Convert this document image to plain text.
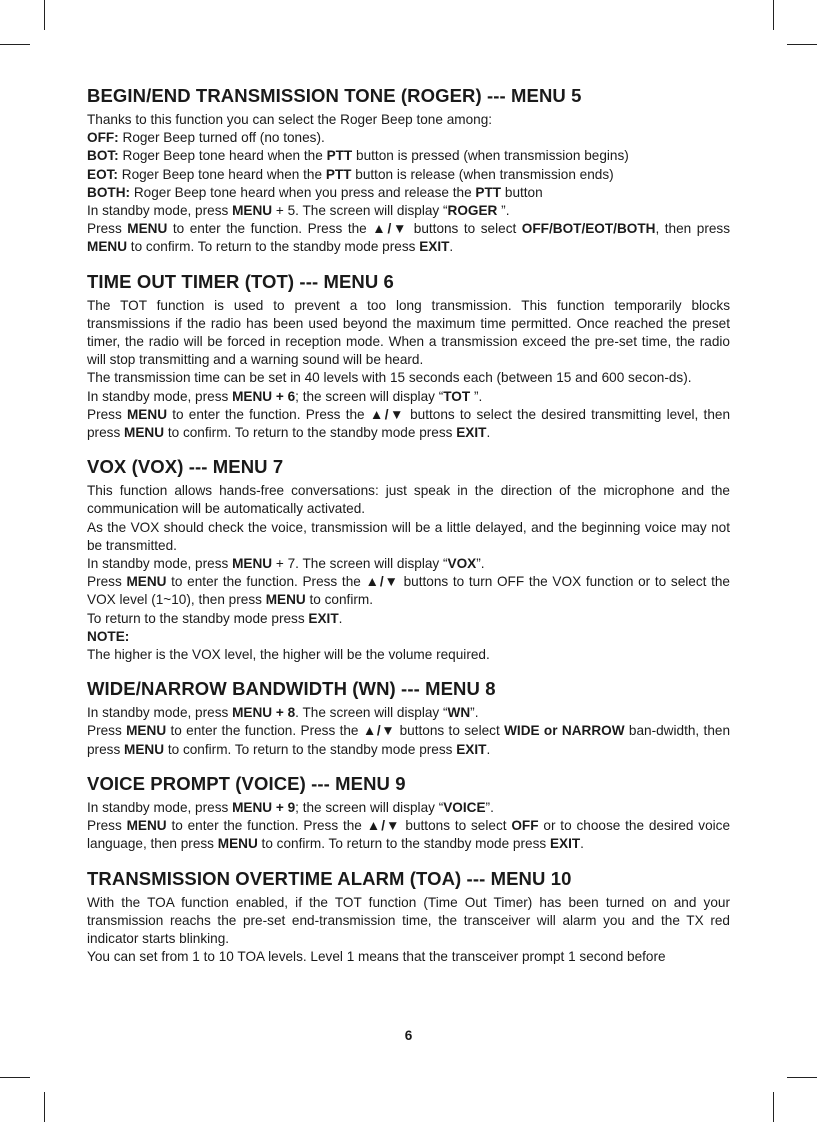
BEGIN/END TRANSMISSION TONE (ROGER) --- MENU 5

Thanks to this function you can select the Roger Beep tone among:

OFF: Roger Beep turned off (no tones).

BOT: Roger Beep tone heard when the PTT button is pressed (when transmission begins)

EOT: Roger Beep tone heard when the PTT button is release (when transmission ends)

BOTH: Roger Beep tone heard when you press and release the PTT button

In standby mode, press MENU + 5. The screen will display “ROGER ”.

Press MENU to enter the function. Press the ▲/▼ buttons to select OFF/BOT/EOT/BOTH, then press MENU to confirm. To return to the standby mode press EXIT.

TIME OUT TIMER (TOT) --- MENU 6

The TOT function is used to prevent a too long transmission. This function temporarily blocks transmissions if the radio has been used beyond the maximum time permitted. Once reached the preset timer, the radio will be forced in reception mode. When a transmission exceed the pre-set time, the radio will stop transmitting and a warning sound will be heard.

The transmission time can be set in 40 levels with 15 seconds each (between 15 and 600 secon-ds).

In standby mode, press MENU + 6; the screen will display “TOT ”.

Press MENU to enter the function. Press the ▲/▼ buttons to select the desired transmitting level, then press MENU to confirm. To return to the standby mode press EXIT.

VOX (VOX) --- MENU 7

This function allows hands-free conversations: just speak in the direction of the microphone and the communication will be automatically activated.

As the VOX should check the voice, transmission will be a little delayed, and the beginning voice may not be transmitted.

In standby mode, press MENU + 7. The screen will display “VOX”.

Press MENU to enter the function. Press the ▲/▼ buttons to turn OFF the VOX function or to select the VOX level (1~10), then press MENU to confirm.

To return to the standby mode press EXIT.

NOTE:

The higher is the VOX level, the higher will be the volume required.

WIDE/NARROW BANDWIDTH (WN) --- MENU 8

In standby mode, press MENU + 8. The screen will display “WN”.

Press MENU to enter the function. Press the ▲/▼ buttons to select WIDE or NARROW ban-dwidth, then press MENU to confirm. To return to the standby mode press EXIT.

VOICE PROMPT (VOICE) --- MENU 9

In standby mode, press MENU + 9; the screen will display “VOICE”.

Press MENU to enter the function. Press the ▲/▼ buttons to select OFF or to choose the desired voice language, then press MENU to confirm. To return to the standby mode press EXIT.

TRANSMISSION OVERTIME ALARM (TOA) --- MENU 10

With the TOA function enabled, if the TOT function (Time Out Timer) has been turned on and your transmission reachs the pre-set end-transmission time, the transceiver will alarm you and the TX red indicator starts blinking.

You can set from 1 to 10 TOA levels. Level 1 means that the transceiver prompt 1 second before

6
